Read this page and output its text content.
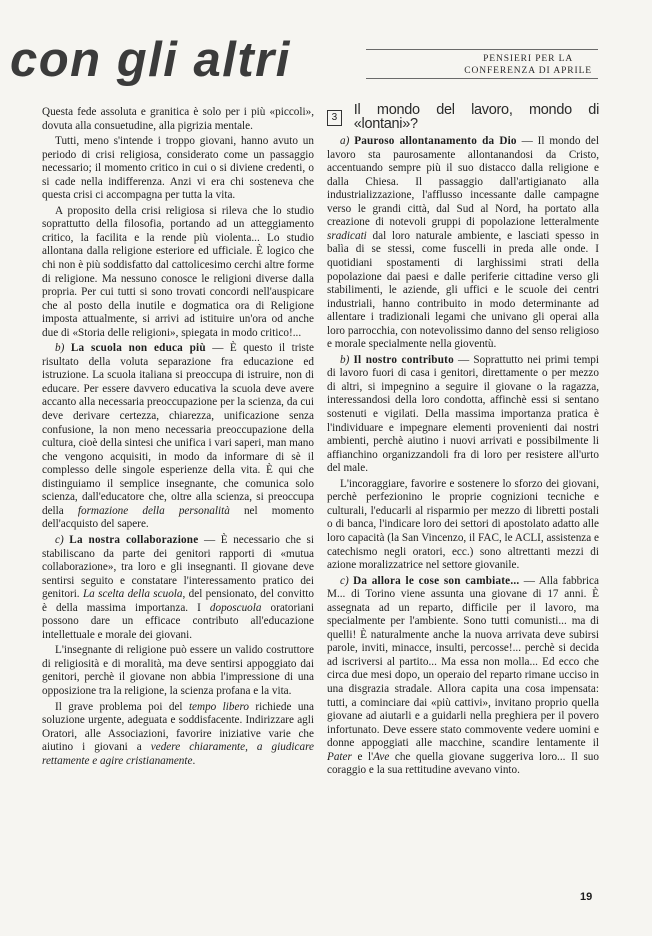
con gli altri	PENSIERI PER LA
CONFERENZA DI APRILE

Questa fede assoluta e granitica è solo per i più «piccoli», dovuta alla consuetudine, alla pigrizia mentale.

Tutti, meno s'intende i troppo giovani, hanno avuto un periodo di crisi religiosa, considerato come un passaggio necessario; il momento critico in cui o si diviene credenti, o si cade nella indifferenza. Anzi vi era chi sosteneva che questa crisi ci accompagna per tutta la vita.

A proposito della crisi religiosa si rileva che lo studio soprattutto della filosofia, portando ad un atteggiamento critico, la facilita e la rende più violenta... Lo studio allontana dalla religione esteriore ed ufficiale. È logico che chi non è più soddisfatto dal cattolicesimo cerchi altre forme di religione. Ma nessuno conosce le religioni diverse dalla propria. Per cui tutti si sono trovati concordi nell'auspicare che al posto della inutile e dogmatica ora di Religione imposta attualmente, si arrivi ad istituire un'ora od anche due di «Storia delle religioni», spiegata in modo critico!...

b) La scuola non educa più — È questo il triste risultato della voluta separazione fra educazione ed istruzione. La scuola italiana si preoccupa di istruire, non di educare. Per essere davvero educativa la scuola deve avere accanto alla necessaria preoccupazione per la scienza, da cui deve derivare certezza, chiarezza, unificazione senza confusione, la non meno necessaria preoccupazione della cultura, cioè della sintesi che unifica i vari saperi, man mano che vengono acquisiti, in modo da informare di sè il complesso delle singole esperienze della vita. È qui che distinguiamo il semplice insegnante, che comunica solo scienza, dall'educatore che, oltre alla scienza, si preoccupa della formazione della personalità nel momento dell'acquisto del sapere.

c) La nostra collaborazione — È necessario che si stabiliscano da parte dei genitori rapporti di «mutua collaborazione», tra loro e gli insegnanti. Il giovane deve sentirsi seguito e constatare l'interessamento pratico dei genitori. La scelta della scuola, del pensionato, del convitto è della massima importanza. I doposcuola oratoriani possono dare un efficace contributo all'educazione intellettuale e morale dei giovani.

L'insegnante di religione può essere un valido costruttore di religiosità e di moralità, ma deve sentirsi appoggiato dai genitori, perchè il giovane non abbia l'impressione di una opposizione tra la religione, la scienza profana e la vita.

Il grave problema poi del tempo libero richiede una soluzione urgente, adeguata e soddisfacente. Indirizzare agli Oratori, alle Associazioni, favorire iniziative varie che aiutino i giovani a vedere chiaramente, a giudicare rettamente e agire cristianamente.

3	Il mondo del lavoro, mondo di «lontani»?

a) Pauroso allontanamento da Dio — Il mondo del lavoro sta paurosamente allontanandosi da Cristo, accentuando sempre più il suo distacco dalla religione e dalla Chiesa. Il passaggio dall'artigianato alla industrializzazione, l'afflusso incessante dalle campagne verso le grandi città, dal Sud al Nord, ha portato alla creazione di notevoli gruppi di popolazione letteralmente sradicati dal loro naturale ambiente, e lasciati spesso in balìa di se stessi, come fuscelli in preda alle onde. I quotidiani spostamenti di larghissimi strati della popolazione dai paesi e dalle periferie cittadine verso gli stabilimenti, le aziende, gli uffici e le scuole dei centri industriali, hanno contribuito in modo determinante ad allentare i tradizionali legami che univano gli operai alla loro parrocchia, con notevolissimo danno del senso religioso e morale specialmente nella gioventù.

b) Il nostro contributo — Soprattutto nei primi tempi di lavoro fuori di casa i genitori, direttamente o per mezzo di altri, si impegnino a seguire il giovane o la ragazza, interessandosi della loro condotta, affinchè essi si sentano sostenuti e vigilati. Della massima importanza pratica è l'individuare e impegnare elementi provenienti dai nostri ambienti, perchè aiutino i nuovi arrivati e possibilmente li affianchino organizzandoli fra di loro per resistere all'urto del male.

L'incoraggiare, favorire e sostenere lo sforzo dei giovani, perchè perfezionino le proprie cognizioni tecniche e culturali, l'educarli al risparmio per mezzo di libretti postali o di banca, l'indicare loro dei settori di apostolato adatto alle loro capacità (la San Vincenzo, il FAC, le ACLI, assistenza e catechismo negli oratori, ecc.) sono altrettanti mezzi di azione moralizzatrice nel settore giovanile.

c) Da allora le cose son cambiate... — Alla fabbrica M... di Torino viene assunta una giovane di 17 anni. È assegnata ad un reparto, difficile per il lavoro, ma specialmente per l'ambiente. Sono tutti comunisti... ma di quelli! È naturalmente anche la nuova arrivata deve subirsi parole, inviti, minacce, insulti, percosse!... perchè si decida ad iscriversi al partito... Ma essa non molla... Ed ecco che circa due mesi dopo, un operaio del reparto rimane ucciso in una disgrazia stradale. Allora capita una cosa impensata: tutti, a cominciare dai «più cattivi», invitano proprio quella giovane ad aiutarli e a guidarli nella preghiera per il povero infortunato. Deve essere stato commovente vedere uomini e donne appoggiati alle macchine, scandire lentamente il Pater e l'Ave che quella giovane suggeriva loro... Il suo coraggio e la sua rettitudine avevano vinto.

19
